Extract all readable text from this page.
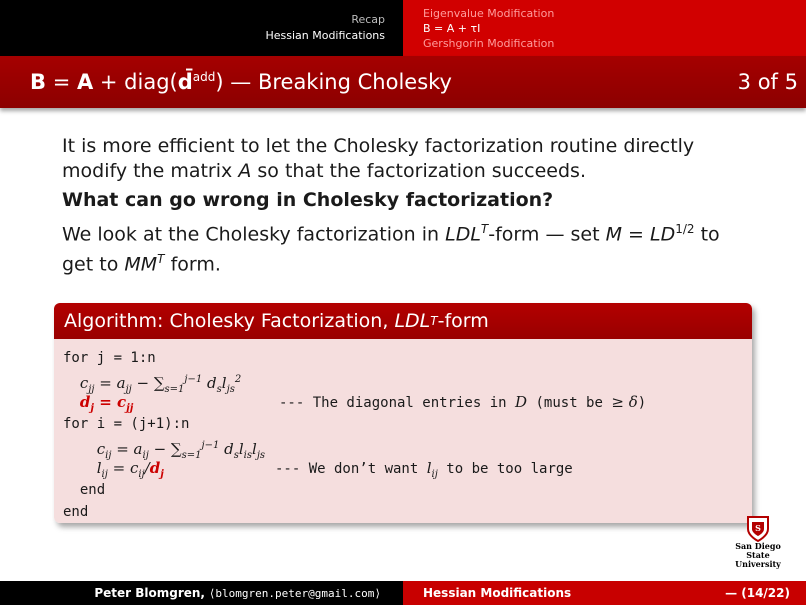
Recap
Hessian Modifications
Eigenvalue Modification
B = A + τI
Gershgorin Modification
B = A + diag(d̄$^{add}$) — Breaking Cholesky	3 of 5
It is more efficient to let the Cholesky factorization routine directly modify the matrix A so that the factorization succeeds.
What can go wrong in Cholesky factorization?
We look at the Cholesky factorization in $LDL^T$-form — set $M = LD^{1/2}$ to get to $MM^T$ form.
Algorithm: Cholesky Factorization,
LDL T -form
for j = 1:n
$c_{jj} = a_{jj} - \sum_{s=1}^{j-1}$ $d_sl_{js}^2$
$d_j = c_{jj}$	--- The diagonal entries in D (must be ≥ δ)
for i = (j+1):n
$c_{ij} = a_{ij} - \sum_{s=1}^{j-1}$ $d_sl_{is}l_{js}$
$l_{ij} = c_{ij}/d_j$	--- We don’t want $l_{ij}$ to be too large
end
end
S
San Diego State
University
Peter Blomgren,
⟨blomgren.peter@gmail.com⟩	Hessian Modifications	— (14/22)
